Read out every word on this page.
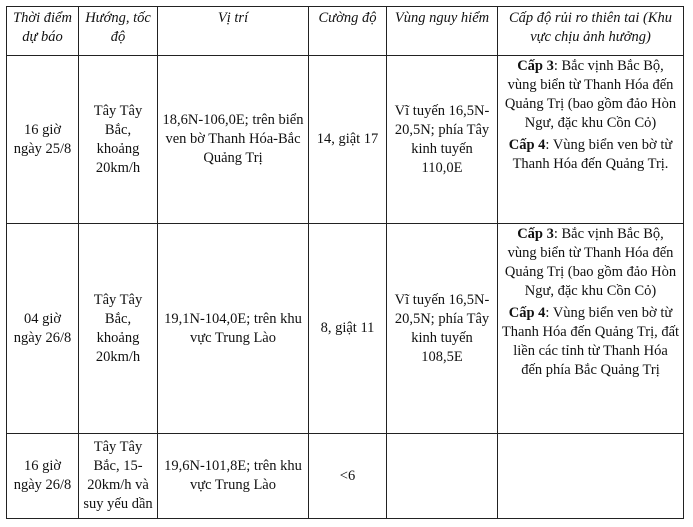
Thời điểm dự báo	Hướng, tốc độ	Vị trí	Cường độ	Vùng nguy hiểm	Cấp độ rủi ro thiên tai (Khu vực chịu ảnh hưởng)
16 giờ ngày 25/8	Tây Tây Bắc, khoảng 20km/h	18,6N-106,0E; trên biển ven bờ Thanh Hóa-Bắc Quảng Trị	14, giật 17	Vĩ tuyến 16,5N-20,5N; phía Tây kinh tuyến 110,0E	Cấp 3: Bắc vịnh Bắc Bộ, vùng biển từ Thanh Hóa đến Quảng Trị (bao gồm đảo Hòn Ngư, đặc khu Cồn Cỏ)

Cấp 4: Vùng biển ven bờ từ Thanh Hóa đến Quảng Trị.

04 giờ ngày 26/8	Tây Tây Bắc, khoảng 20km/h	19,1N-104,0E; trên khu vực Trung Lào	8, giật 11	Vĩ tuyến 16,5N-20,5N; phía Tây kinh tuyến 108,5E	Cấp 3: Bắc vịnh Bắc Bộ, vùng biển từ Thanh Hóa đến Quảng Trị (bao gồm đảo Hòn Ngư, đặc khu Cồn Cỏ)

Cấp 4: Vùng biển ven bờ từ Thanh Hóa đến Quảng Trị, đất liền các tỉnh từ Thanh Hóa đến phía Bắc Quảng Trị

16 giờ ngày 26/8	Tây Tây Bắc, 15-20km/h và suy yếu dần	19,6N-101,8E; trên khu vực Trung Lào	<6		
